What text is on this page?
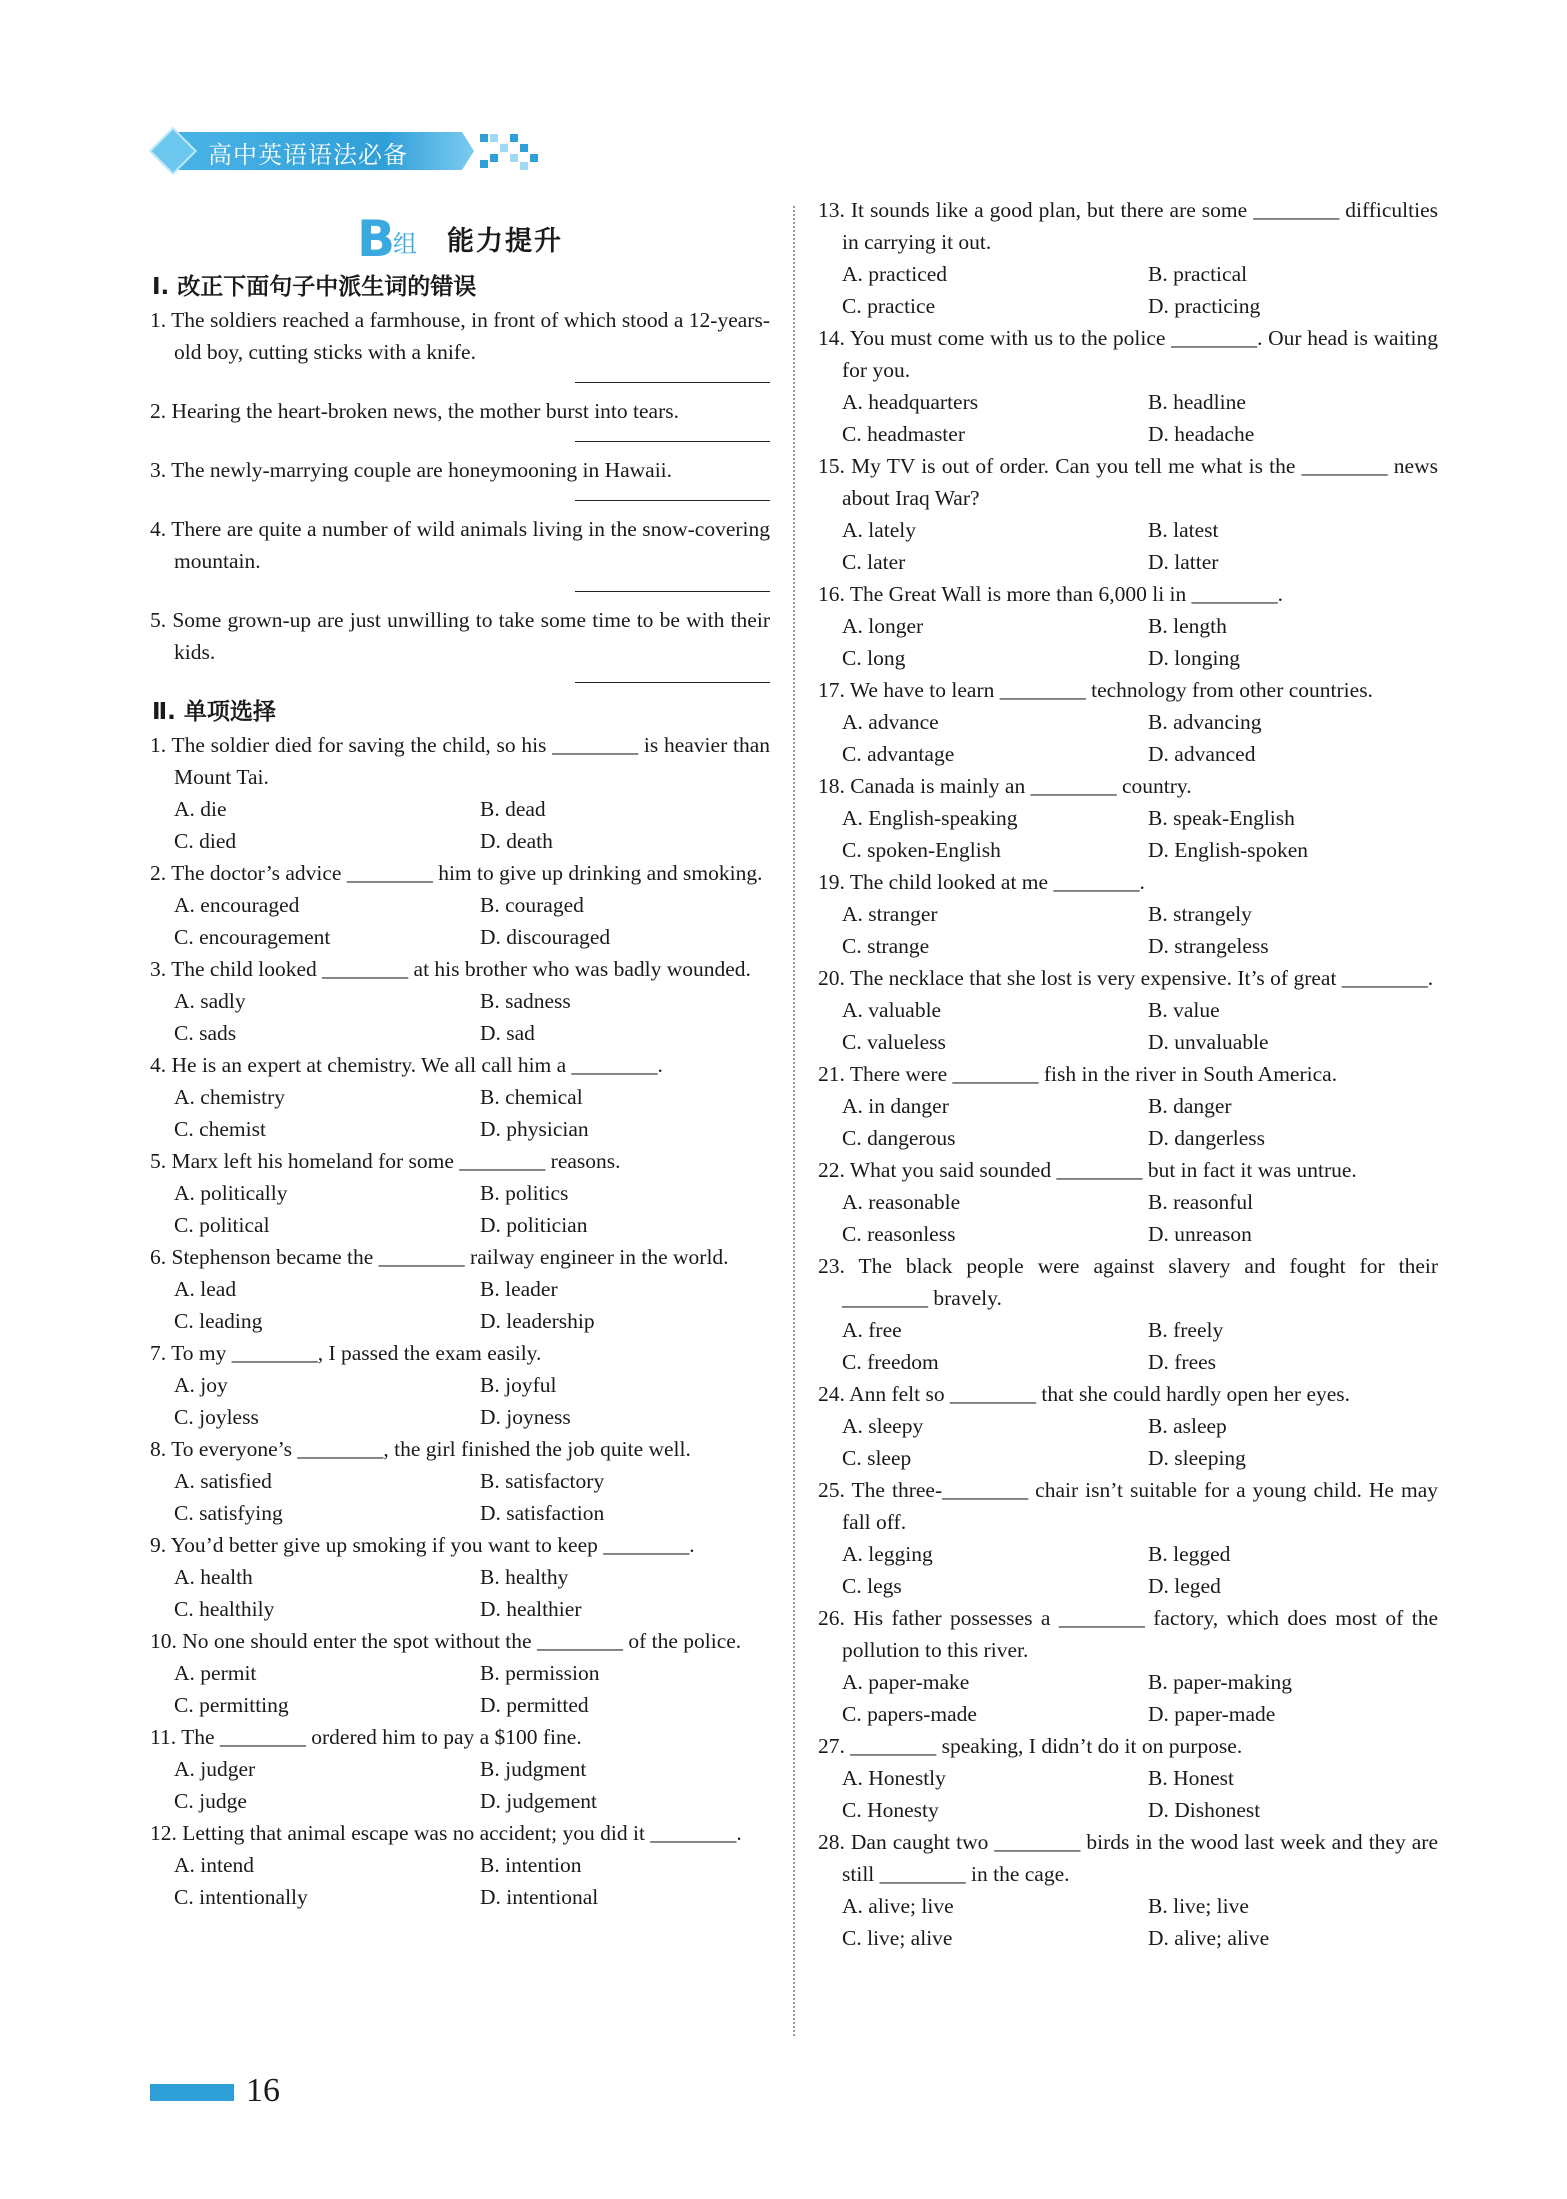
高中英语语法必备
B
组 能力提升
Ⅰ. 改正下面句子中派生词的错误
1. The soldiers reached a farmhouse, in front of which stood a 12-years-old boy, cutting sticks with a knife.
2. Hearing the heart-broken news, the mother burst into tears.
3. The newly-marrying couple are honeymooning in Hawaii.
4. There are quite a number of wild animals living in the snow-covering mountain.
5. Some grown-up are just unwilling to take some time to be with their kids.
Ⅱ. 单项选择
1. The soldier died for saving the child, so his ________ is heavier than Mount Tai.
A. die	B. dead
C. died	D. death
2. The doctor’s advice ________ him to give up drinking and smoking.
A. encouraged	B. couraged
C. encouragement	D. discouraged
3. The child looked ________ at his brother who was badly wounded.
A. sadly	B. sadness
C. sads	D. sad
4. He is an expert at chemistry. We all call him a ________.
A. chemistry	B. chemical
C. chemist	D. physician
5. Marx left his homeland for some ________ reasons.
A. politically	B. politics
C. political	D. politician
6. Stephenson became the ________ railway engineer in the world.
A. lead	B. leader
C. leading	D. leadership
7. To my ________, I passed the exam easily.
A. joy	B. joyful
C. joyless	D. joyness
8. To everyone’s ________, the girl finished the job quite well.
A. satisfied	B. satisfactory
C. satisfying	D. satisfaction
9. You’d better give up smoking if you want to keep ________.
A. health	B. healthy
C. healthily	D. healthier
10. No one should enter the spot without the ________ of the police.
A. permit	B. permission
C. permitting	D. permitted
11. The ________ ordered him to pay a $100 fine.
A. judger	B. judgment
C. judge	D. judgement
12. Letting that animal escape was no accident; you did it ________.
A. intend	B. intention
C. intentionally	D. intentional
13. It sounds like a good plan, but there are some ________ difficulties in carrying it out.
A. practiced	B. practical
C. practice	D. practicing
14. You must come with us to the police ________. Our head is waiting for you.
A. headquarters	B. headline
C. headmaster	D. headache
15. My TV is out of order. Can you tell me what is the ________ news about Iraq War?
A. lately	B. latest
C. later	D. latter
16. The Great Wall is more than 6,000 li in ________.
A. longer	B. length
C. long	D. longing
17. We have to learn ________ technology from other countries.
A. advance	B. advancing
C. advantage	D. advanced
18. Canada is mainly an ________ country.
A. English-speaking	B. speak-English
C. spoken-English	D. English-spoken
19. The child looked at me ________.
A. stranger	B. strangely
C. strange	D. strangeless
20. The necklace that she lost is very expensive. It’s of great ________.
A. valuable	B. value
C. valueless	D. unvaluable
21. There were ________ fish in the river in South America.
A. in danger	B. danger
C. dangerous	D. dangerless
22. What you said sounded ________ but in fact it was untrue.
A. reasonable	B. reasonful
C. reasonless	D. unreason
23. The black people were against slavery and fought for their ________ bravely.
A. free	B. freely
C. freedom	D. frees
24. Ann felt so ________ that she could hardly open her eyes.
A. sleepy	B. asleep
C. sleep	D. sleeping
25. The three-________ chair isn’t suitable for a young child. He may fall off.
A. legging	B. legged
C. legs	D. leged
26. His father possesses a ________ factory, which does most of the pollution to this river.
A. paper-make	B. paper-making
C. papers-made	D. paper-made
27. ________ speaking, I didn’t do it on purpose.
A. Honestly	B. Honest
C. Honesty	D. Dishonest
28. Dan caught two ________ birds in the wood last week and they are still ________ in the cage.
A. alive; live	B. live; live
C. live; alive	D. alive; alive
16
